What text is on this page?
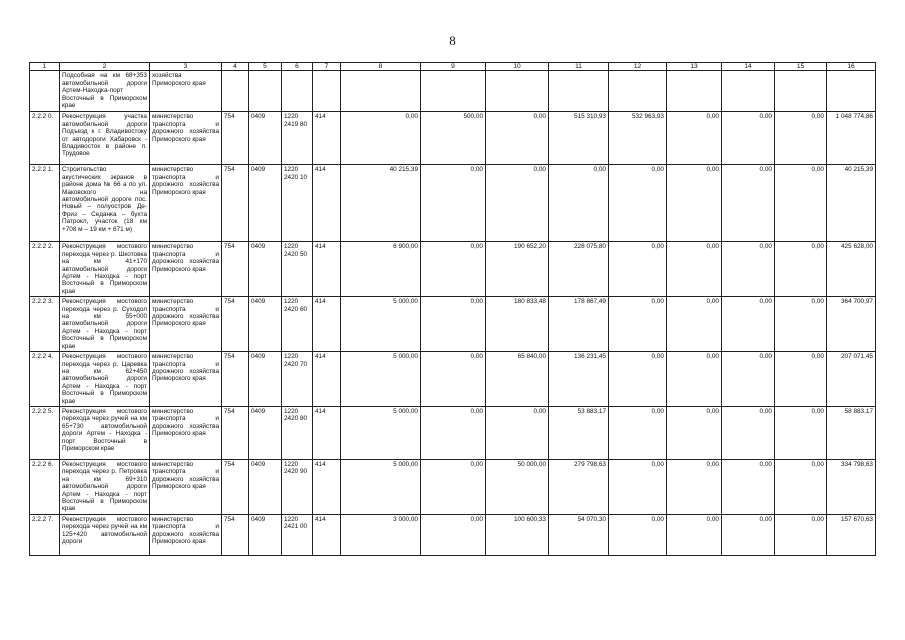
8
1	2	3	4	5	6	7	8	9	10	11	12	13	14	15	16
	Подсобная на км 68+353 автомобильной дороги Артем-Находка-порт Восточный в Приморском крае	хозяйства Приморского края													
2.2.2 0.	Реконструкция участка автомобильной дороги Подъезд к г. Владивостоку от автодороги Хабаровск - Владивосток в районе п. Трудовое	министерство транспорта и дорожного хозяйства Приморского края	754	0409	1220 2419 80	414	0,00	500,00	0,00	515 310,93	532 963,93	0,00	0,00	0,00	1 048 774,86
2.2.2 1.	Строительство акустических экранов в районе дома № 66 а по ул. Маковского на автомобильной дороге пос. Новый – полуостров Де-Фриз – Седанка – бухта Патрокл, участок (18 км +708 м – 19 км + 671 м)	министерство транспорта и дорожного хозяйства Приморского края	754	0409	1220 2420 10	414	40 215,39	0,00	0,00	0,00	0,00	0,00	0,00	0,00	40 215,39
2.2.2 2.	Реконструкция мостового перехода через р. Шкотовка на км 41+170 автомобильной дороги Артем - Находка - порт Восточный в Приморском крае	министерство транспорта и дорожного хозяйства Приморского края	754	0409	1220 2420 50	414	6 900,00	0,00	190 652,20	228 075,80	0,00	0,00	0,00	0,00	425 628,00
2.2.2 3.	Реконструкция мостового перехода через р. Суходол на км 55+000 автомобильной дороги Артем - Находка - порт Восточный в Приморском крае	министерство транспорта и дорожного хозяйства Приморского края	754	0409	1220 2420 60	414	5 000,00	0,00	180 833,48	178 867,49	0,00	0,00	0,00	0,00	364 700,97
2.2.2 4.	Реконструкция мостового перехода через р. Царевка на км 62+450 автомобильной дороги Артем - Находка - порт Восточный в Приморском крае	министерство транспорта и дорожного хозяйства Приморского края	754	0409	1220 2420 70	414	5 000,00	0,00	65 840,00	136 231,45	0,00	0,00	0,00	0,00	207 071,45
2.2.2 5.	Реконструкция мостового перехода через ручей на км 65+730 автомобильной дороги Артем - Находка - порт Восточный в Приморском крае	министерство транспорта и дорожного хозяйства Приморского края	754	0409	1220 2420 80	414	5 000,00	0,00	0,00	53 883,17	0,00	0,00	0,00	0,00	58 883,17
2.2.2 6.	Реконструкция мостового перехода через р. Петровка на км 69+310 автомобильной дороги Артем - Находка - порт Восточный в Приморском крае	министерство транспорта и дорожного хозяйства Приморского края	754	0409	1220 2420 90	414	5 000,00	0,00	50 000,00	279 798,63	0,00	0,00	0,00	0,00	334 798,63
2.2.2 7.	Реконструкция мостового перехода через ручей на км 125+420 автомобильной дороги	министерство транспорта и дорожного хозяйства Приморского края	754	0409	1220 2421 00	414	3 000,00	0,00	100 600,33	54 070,30	0,00	0,00	0,00	0,00	157 670,63
